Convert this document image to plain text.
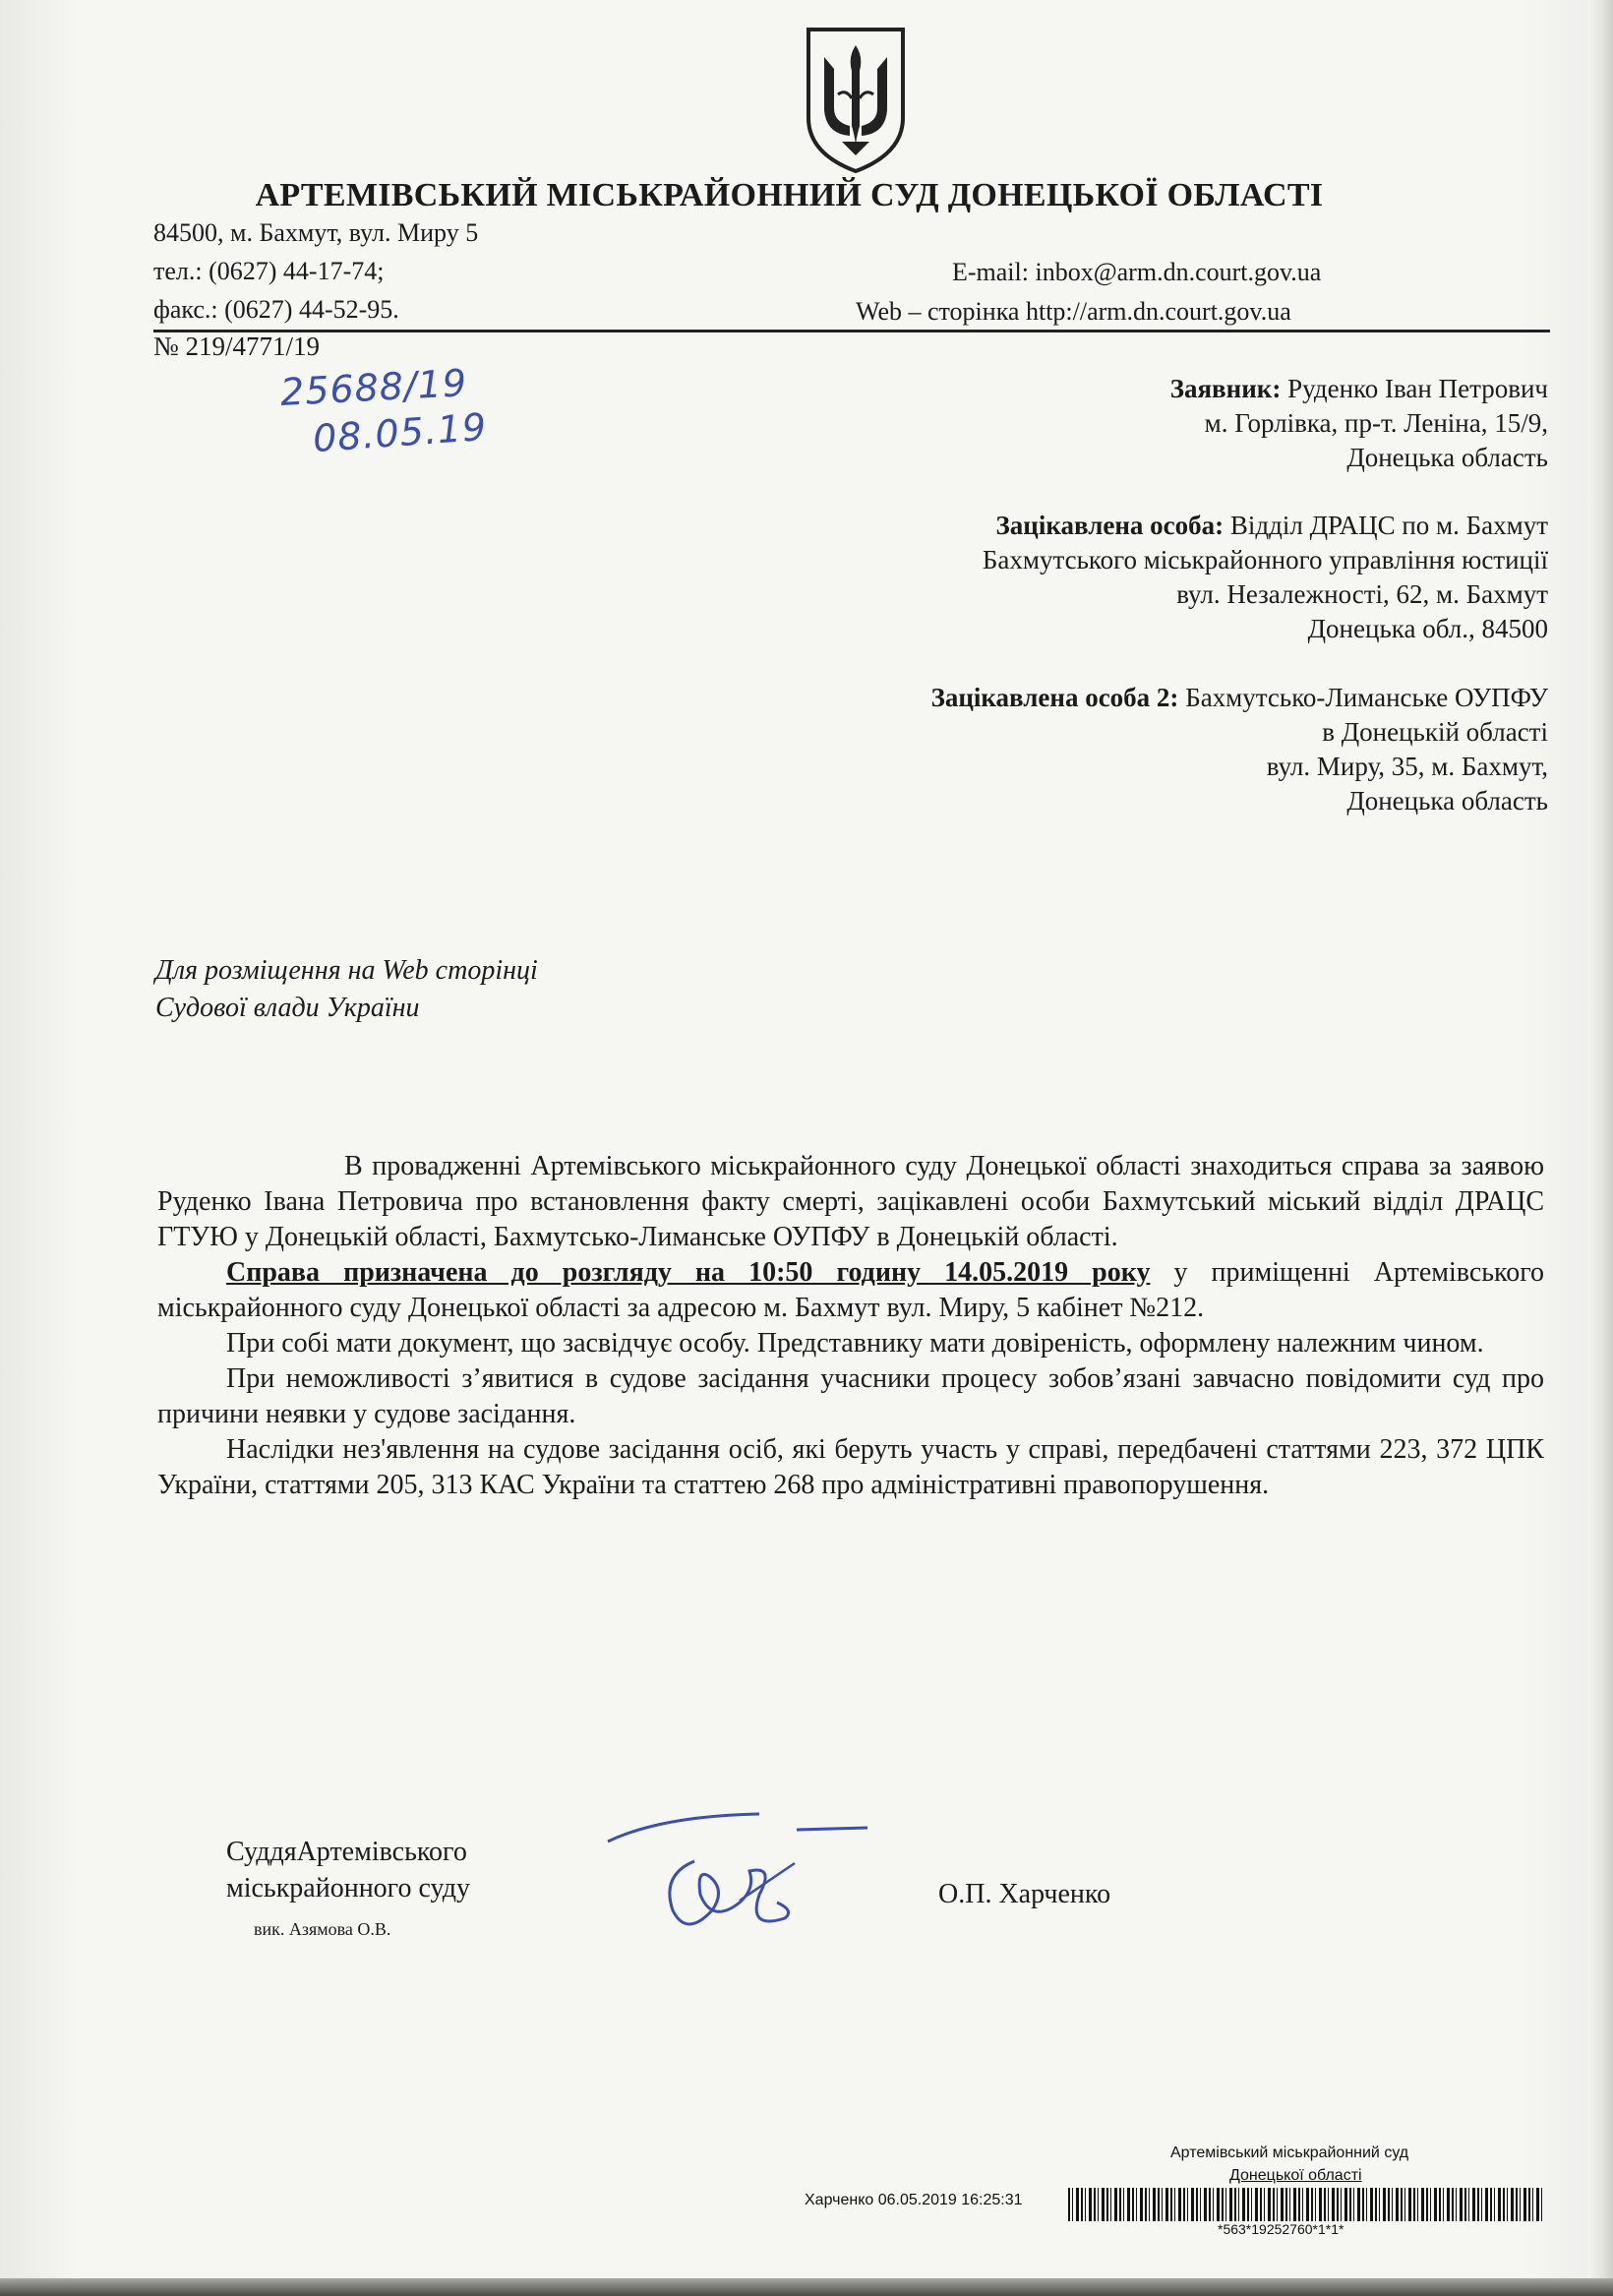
АРТЕМІВСЬКИЙ МІСЬКРАЙОННИЙ СУД ДОНЕЦЬКОЇ ОБЛАСТІ
84500, м. Бахмут, вул. Миру 5
тел.: (0627) 44-17-74;
факс.: (0627) 44-52-95.
E-mail: inbox@arm.dn.court.gov.ua
Web – сторінка http://arm.dn.court.gov.ua
№ 219/4771/19
25688/19
08.05.19
Заявник: Руденко Іван Петрович
м. Горлівка, пр-т. Леніна, 15/9,
Донецька область
Зацікавлена особа: Відділ ДРАЦС по м. Бахмут
Бахмутського міськрайонного управління юстиції
вул. Незалежності, 62, м. Бахмут
Донецька обл., 84500
Зацікавлена особа 2: Бахмутсько-Лиманське ОУПФУ
в Донецькій області
вул. Миру, 35, м. Бахмут,
Донецька область
Для розміщення на Web сторінці
Судової влади України

В провадженні Артемівського міськрайонного суду Донецької області знаходиться справа за заявою Руденко Івана Петровича про встановлення факту смерті, зацікавлені особи Бахмутський міський відділ ДРАЦС ГТУЮ у Донецькій області, Бахмутсько-Лиманське ОУПФУ в Донецькій області.

Справа призначена до розгляду на 10:50 годину 14.05.2019 року у приміщенні Артемівського міськрайонного суду Донецької області за адресою м. Бахмут вул. Миру, 5 кабінет №212.

При собі мати документ, що засвідчує особу. Представнику мати довіреність, оформлену належним чином.

При неможливості з’явитися в судове засідання учасники процесу зобов’язані завчасно повідомити суд про причини неявки у судове засідання.

Наслідки нез'явлення на судове засідання осіб, які беруть участь у справі, передбачені статтями 223, 372 ЦПК України, статтями 205, 313 КАС України та статтею 268 про адміністративні правопорушення.

СуддяАртемівського
міськрайонного суду
вик. Азямова О.В.
О.П. Харченко
Артемівський міськрайонний суд
Донецької області
Харченко 06.05.2019 16:25:31
*563*19252760*1*1*
